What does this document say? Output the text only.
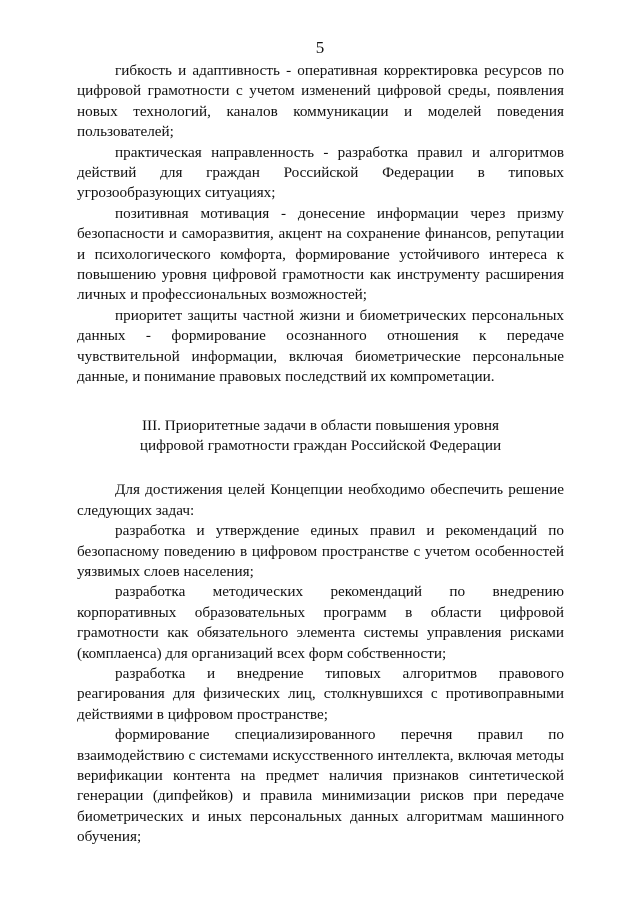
5

гибкость и адаптивность - оперативная корректировка ресурсов по цифровой грамотности с учетом изменений цифровой среды, появления новых технологий, каналов коммуникации и моделей поведения пользователей;

практическая направленность - разработка правил и алгоритмов действий для граждан Российской Федерации в типовых угрозообразующих ситуациях;

позитивная мотивация - донесение информации через призму безопасности и саморазвития, акцент на сохранение финансов, репутации и психологического комфорта, формирование устойчивого интереса к повышению уровня цифровой грамотности как инструменту расширения личных и профессиональных возможностей;

приоритет защиты частной жизни и биометрических персональных данных - формирование осознанного отношения к передаче чувствительной информации, включая биометрические персональные данные, и понимание правовых последствий их компрометации.

III. Приоритетные задачи в области повышения уровня
цифровой грамотности граждан Российской Федерации

Для достижения целей Концепции необходимо обеспечить решение следующих задач:

разработка и утверждение единых правил и рекомендаций по безопасному поведению в цифровом пространстве с учетом особенностей уязвимых слоев населения;

разработка методических рекомендаций по внедрению корпоративных образовательных программ в области цифровой грамотности как обязательного элемента системы управления рисками (комплаенса) для организаций всех форм собственности;

разработка и внедрение типовых алгоритмов правового реагирования для физических лиц, столкнувшихся с противоправными действиями в цифровом пространстве;

формирование специализированного перечня правил по взаимодействию с системами искусственного интеллекта, включая методы верификации контента на предмет наличия признаков синтетической генерации (дипфейков) и правила минимизации рисков при передаче биометрических и иных персональных данных алгоритмам машинного обучения;
